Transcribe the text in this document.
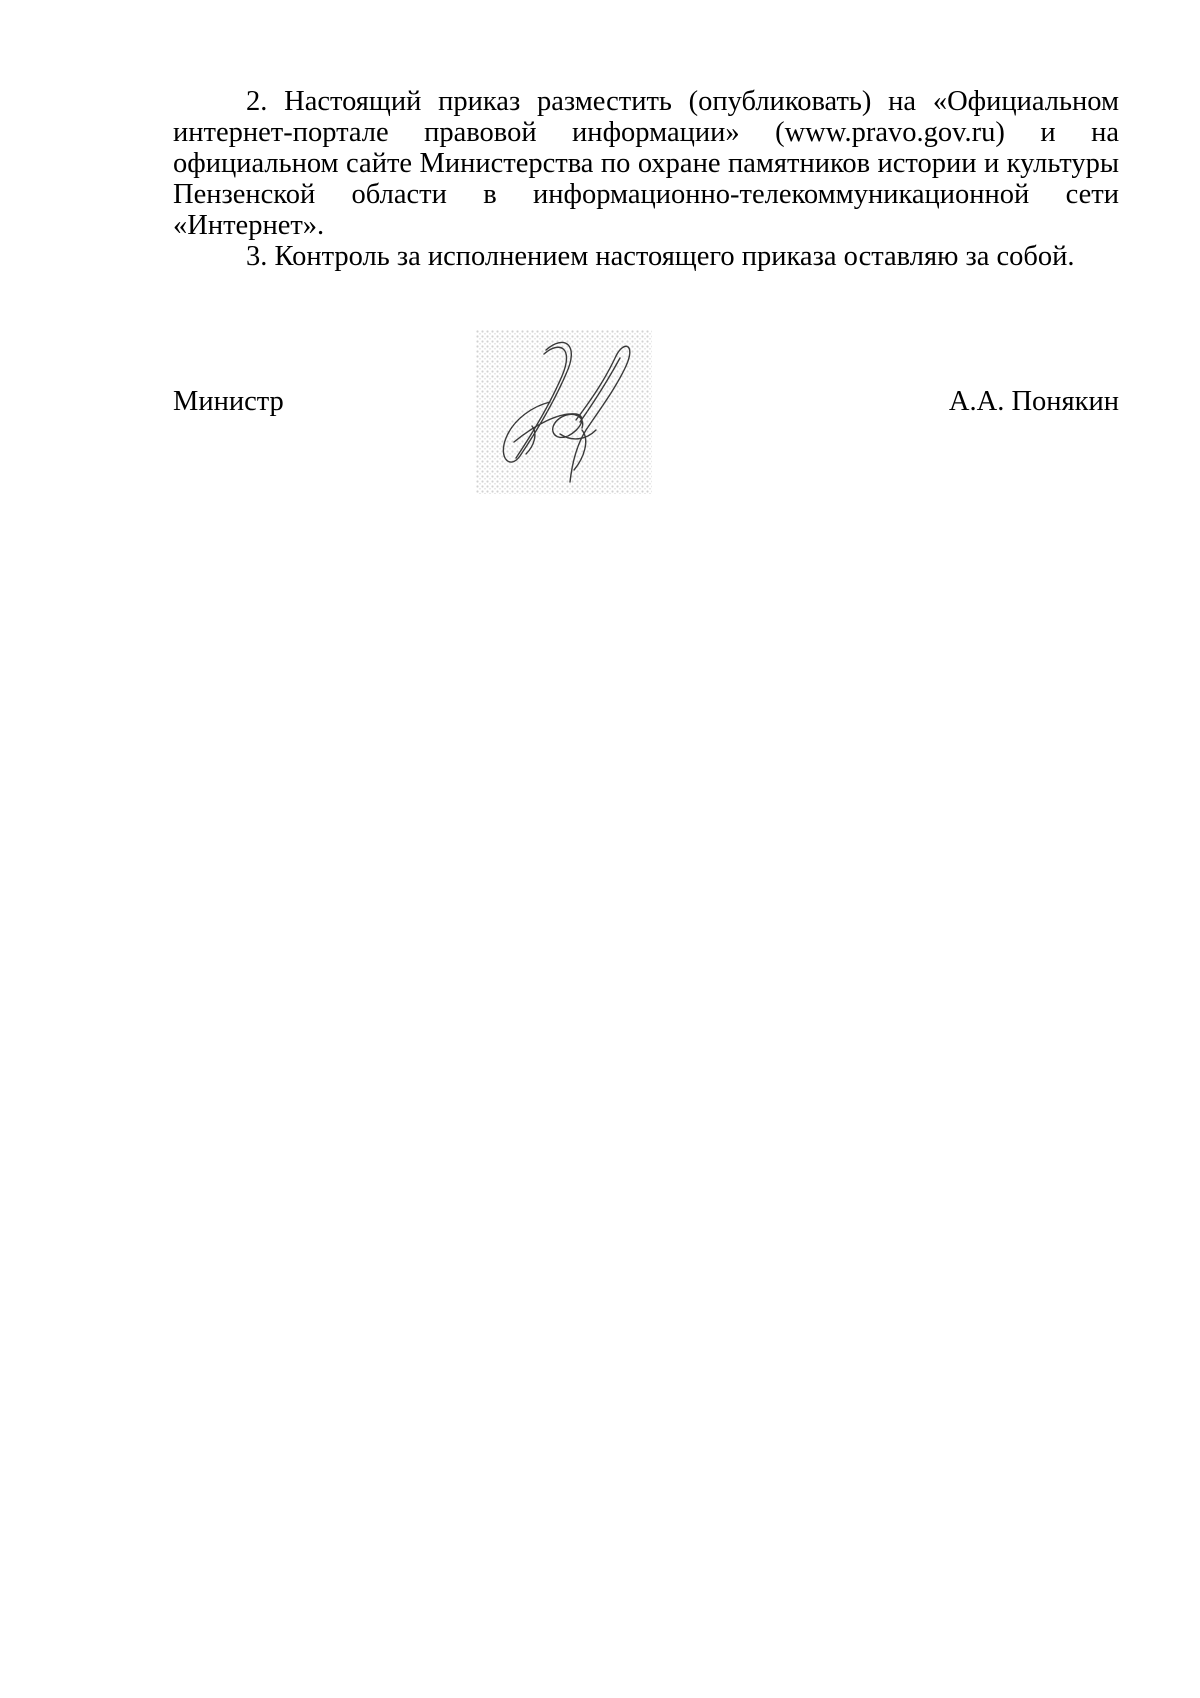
2. Настоящий приказ разместить (опубликовать) на «Официальном интернет-портале правовой информации» (www.pravo.gov.ru) и на официальном сайте Министерства по охране памятников истории и культуры Пензенской области в информационно-телекоммуникационной сети «Интернет».

3. Контроль за исполнением настоящего приказа оставляю за собой.

Министр	А.А. Понякин
